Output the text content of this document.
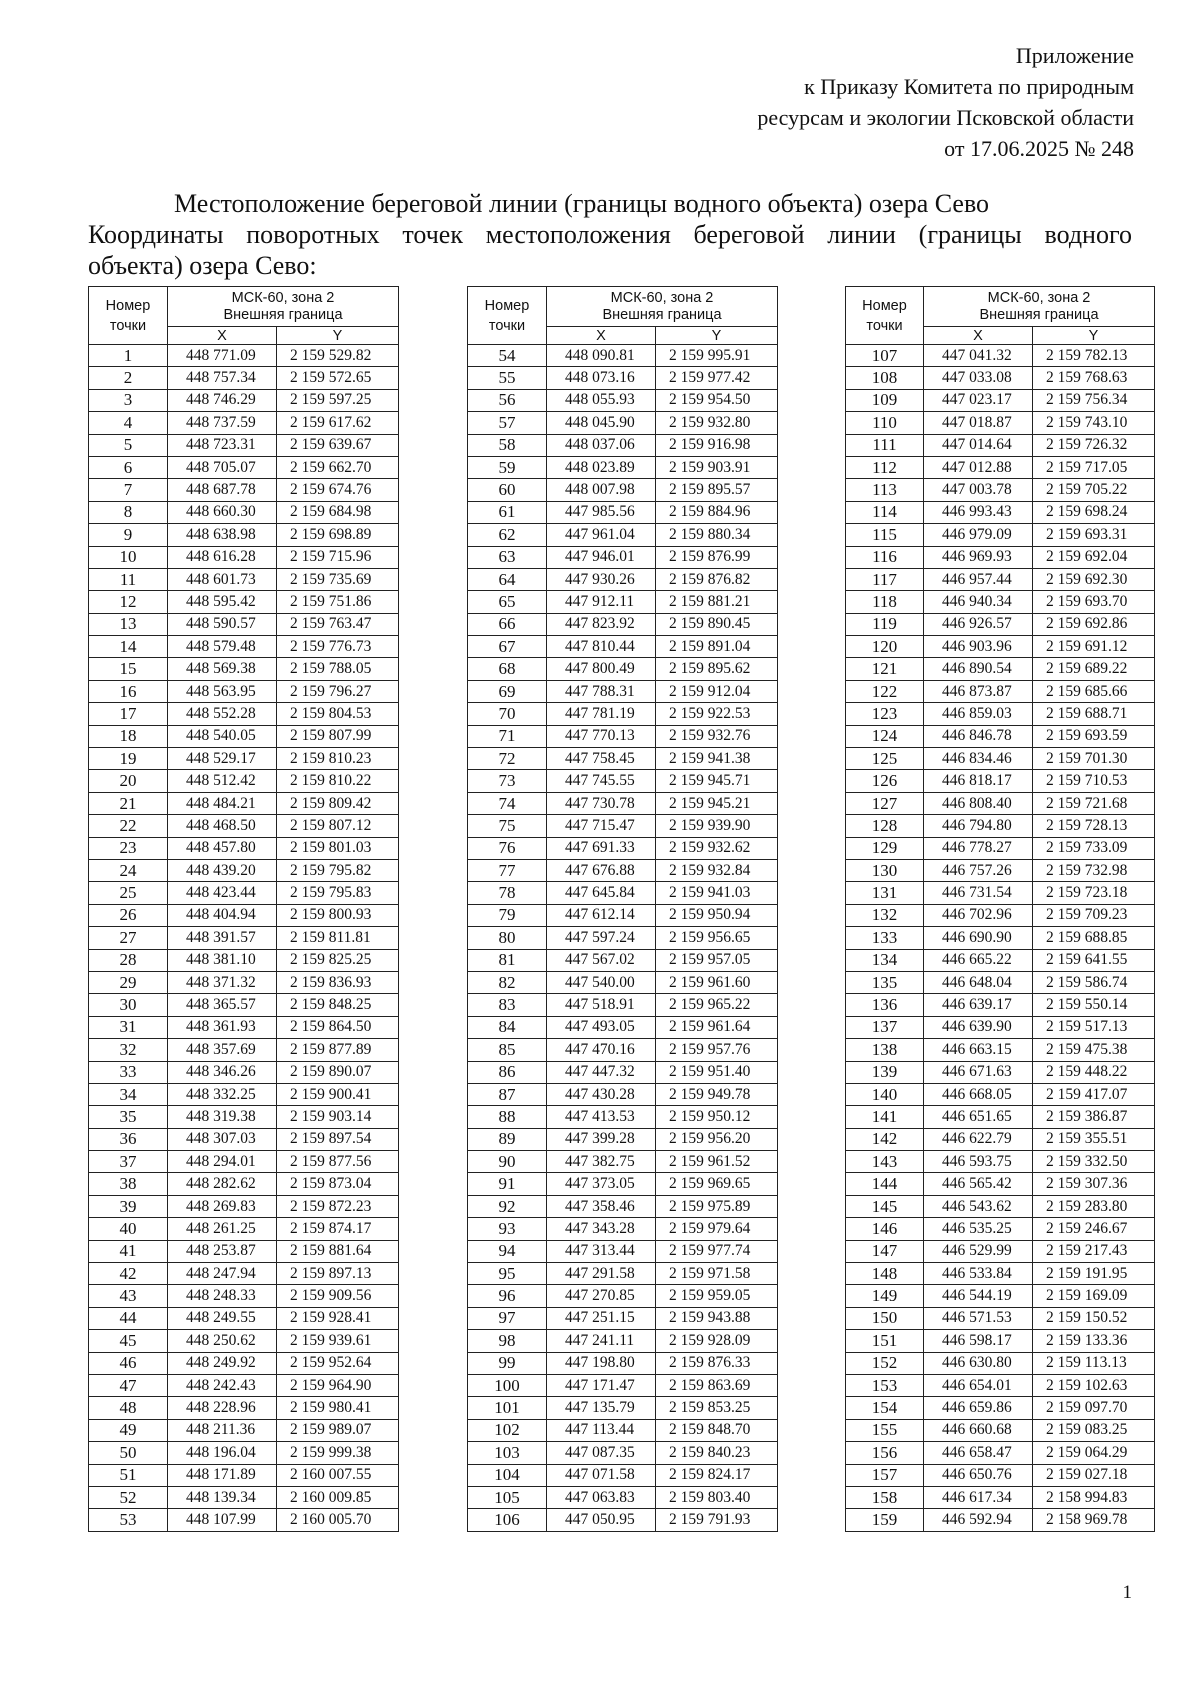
Приложение
к Приказу Комитета по природным
ресурсам и экологии Псковской области
от 17.06.2025 № 248
Местоположение береговой линии (границы водного объекта) озера Сево
Координаты поворотных точек местоположения береговой линии (границы водного
объекта) озера Сево:
Номер
точки	МСК-60, зона 2
Внешняя граница	
	X	Y
1	448 771.09	2 159 529.82
2	448 757.34	2 159 572.65
3	448 746.29	2 159 597.25
4	448 737.59	2 159 617.62
5	448 723.31	2 159 639.67
6	448 705.07	2 159 662.70
7	448 687.78	2 159 674.76
8	448 660.30	2 159 684.98
9	448 638.98	2 159 698.89
10	448 616.28	2 159 715.96
11	448 601.73	2 159 735.69
12	448 595.42	2 159 751.86
13	448 590.57	2 159 763.47
14	448 579.48	2 159 776.73
15	448 569.38	2 159 788.05
16	448 563.95	2 159 796.27
17	448 552.28	2 159 804.53
18	448 540.05	2 159 807.99
19	448 529.17	2 159 810.23
20	448 512.42	2 159 810.22
21	448 484.21	2 159 809.42
22	448 468.50	2 159 807.12
23	448 457.80	2 159 801.03
24	448 439.20	2 159 795.82
25	448 423.44	2 159 795.83
26	448 404.94	2 159 800.93
27	448 391.57	2 159 811.81
28	448 381.10	2 159 825.25
29	448 371.32	2 159 836.93
30	448 365.57	2 159 848.25
31	448 361.93	2 159 864.50
32	448 357.69	2 159 877.89
33	448 346.26	2 159 890.07
34	448 332.25	2 159 900.41
35	448 319.38	2 159 903.14
36	448 307.03	2 159 897.54
37	448 294.01	2 159 877.56
38	448 282.62	2 159 873.04
39	448 269.83	2 159 872.23
40	448 261.25	2 159 874.17
41	448 253.87	2 159 881.64
42	448 247.94	2 159 897.13
43	448 248.33	2 159 909.56
44	448 249.55	2 159 928.41
45	448 250.62	2 159 939.61
46	448 249.92	2 159 952.64
47	448 242.43	2 159 964.90
48	448 228.96	2 159 980.41
49	448 211.36	2 159 989.07
50	448 196.04	2 159 999.38
51	448 171.89	2 160 007.55
52	448 139.34	2 160 009.85
53	448 107.99	2 160 005.70
Номер
точки	МСК-60, зона 2
Внешняя граница	
	X	Y
54	448 090.81	2 159 995.91
55	448 073.16	2 159 977.42
56	448 055.93	2 159 954.50
57	448 045.90	2 159 932.80
58	448 037.06	2 159 916.98
59	448 023.89	2 159 903.91
60	448 007.98	2 159 895.57
61	447 985.56	2 159 884.96
62	447 961.04	2 159 880.34
63	447 946.01	2 159 876.99
64	447 930.26	2 159 876.82
65	447 912.11	2 159 881.21
66	447 823.92	2 159 890.45
67	447 810.44	2 159 891.04
68	447 800.49	2 159 895.62
69	447 788.31	2 159 912.04
70	447 781.19	2 159 922.53
71	447 770.13	2 159 932.76
72	447 758.45	2 159 941.38
73	447 745.55	2 159 945.71
74	447 730.78	2 159 945.21
75	447 715.47	2 159 939.90
76	447 691.33	2 159 932.62
77	447 676.88	2 159 932.84
78	447 645.84	2 159 941.03
79	447 612.14	2 159 950.94
80	447 597.24	2 159 956.65
81	447 567.02	2 159 957.05
82	447 540.00	2 159 961.60
83	447 518.91	2 159 965.22
84	447 493.05	2 159 961.64
85	447 470.16	2 159 957.76
86	447 447.32	2 159 951.40
87	447 430.28	2 159 949.78
88	447 413.53	2 159 950.12
89	447 399.28	2 159 956.20
90	447 382.75	2 159 961.52
91	447 373.05	2 159 969.65
92	447 358.46	2 159 975.89
93	447 343.28	2 159 979.64
94	447 313.44	2 159 977.74
95	447 291.58	2 159 971.58
96	447 270.85	2 159 959.05
97	447 251.15	2 159 943.88
98	447 241.11	2 159 928.09
99	447 198.80	2 159 876.33
100	447 171.47	2 159 863.69
101	447 135.79	2 159 853.25
102	447 113.44	2 159 848.70
103	447 087.35	2 159 840.23
104	447 071.58	2 159 824.17
105	447 063.83	2 159 803.40
106	447 050.95	2 159 791.93
Номер
точки	МСК-60, зона 2
Внешняя граница	
	X	Y
107	447 041.32	2 159 782.13
108	447 033.08	2 159 768.63
109	447 023.17	2 159 756.34
110	447 018.87	2 159 743.10
111	447 014.64	2 159 726.32
112	447 012.88	2 159 717.05
113	447 003.78	2 159 705.22
114	446 993.43	2 159 698.24
115	446 979.09	2 159 693.31
116	446 969.93	2 159 692.04
117	446 957.44	2 159 692.30
118	446 940.34	2 159 693.70
119	446 926.57	2 159 692.86
120	446 903.96	2 159 691.12
121	446 890.54	2 159 689.22
122	446 873.87	2 159 685.66
123	446 859.03	2 159 688.71
124	446 846.78	2 159 693.59
125	446 834.46	2 159 701.30
126	446 818.17	2 159 710.53
127	446 808.40	2 159 721.68
128	446 794.80	2 159 728.13
129	446 778.27	2 159 733.09
130	446 757.26	2 159 732.98
131	446 731.54	2 159 723.18
132	446 702.96	2 159 709.23
133	446 690.90	2 159 688.85
134	446 665.22	2 159 641.55
135	446 648.04	2 159 586.74
136	446 639.17	2 159 550.14
137	446 639.90	2 159 517.13
138	446 663.15	2 159 475.38
139	446 671.63	2 159 448.22
140	446 668.05	2 159 417.07
141	446 651.65	2 159 386.87
142	446 622.79	2 159 355.51
143	446 593.75	2 159 332.50
144	446 565.42	2 159 307.36
145	446 543.62	2 159 283.80
146	446 535.25	2 159 246.67
147	446 529.99	2 159 217.43
148	446 533.84	2 159 191.95
149	446 544.19	2 159 169.09
150	446 571.53	2 159 150.52
151	446 598.17	2 159 133.36
152	446 630.80	2 159 113.13
153	446 654.01	2 159 102.63
154	446 659.86	2 159 097.70
155	446 660.68	2 159 083.25
156	446 658.47	2 159 064.29
157	446 650.76	2 159 027.18
158	446 617.34	2 158 994.83
159	446 592.94	2 158 969.78
1
